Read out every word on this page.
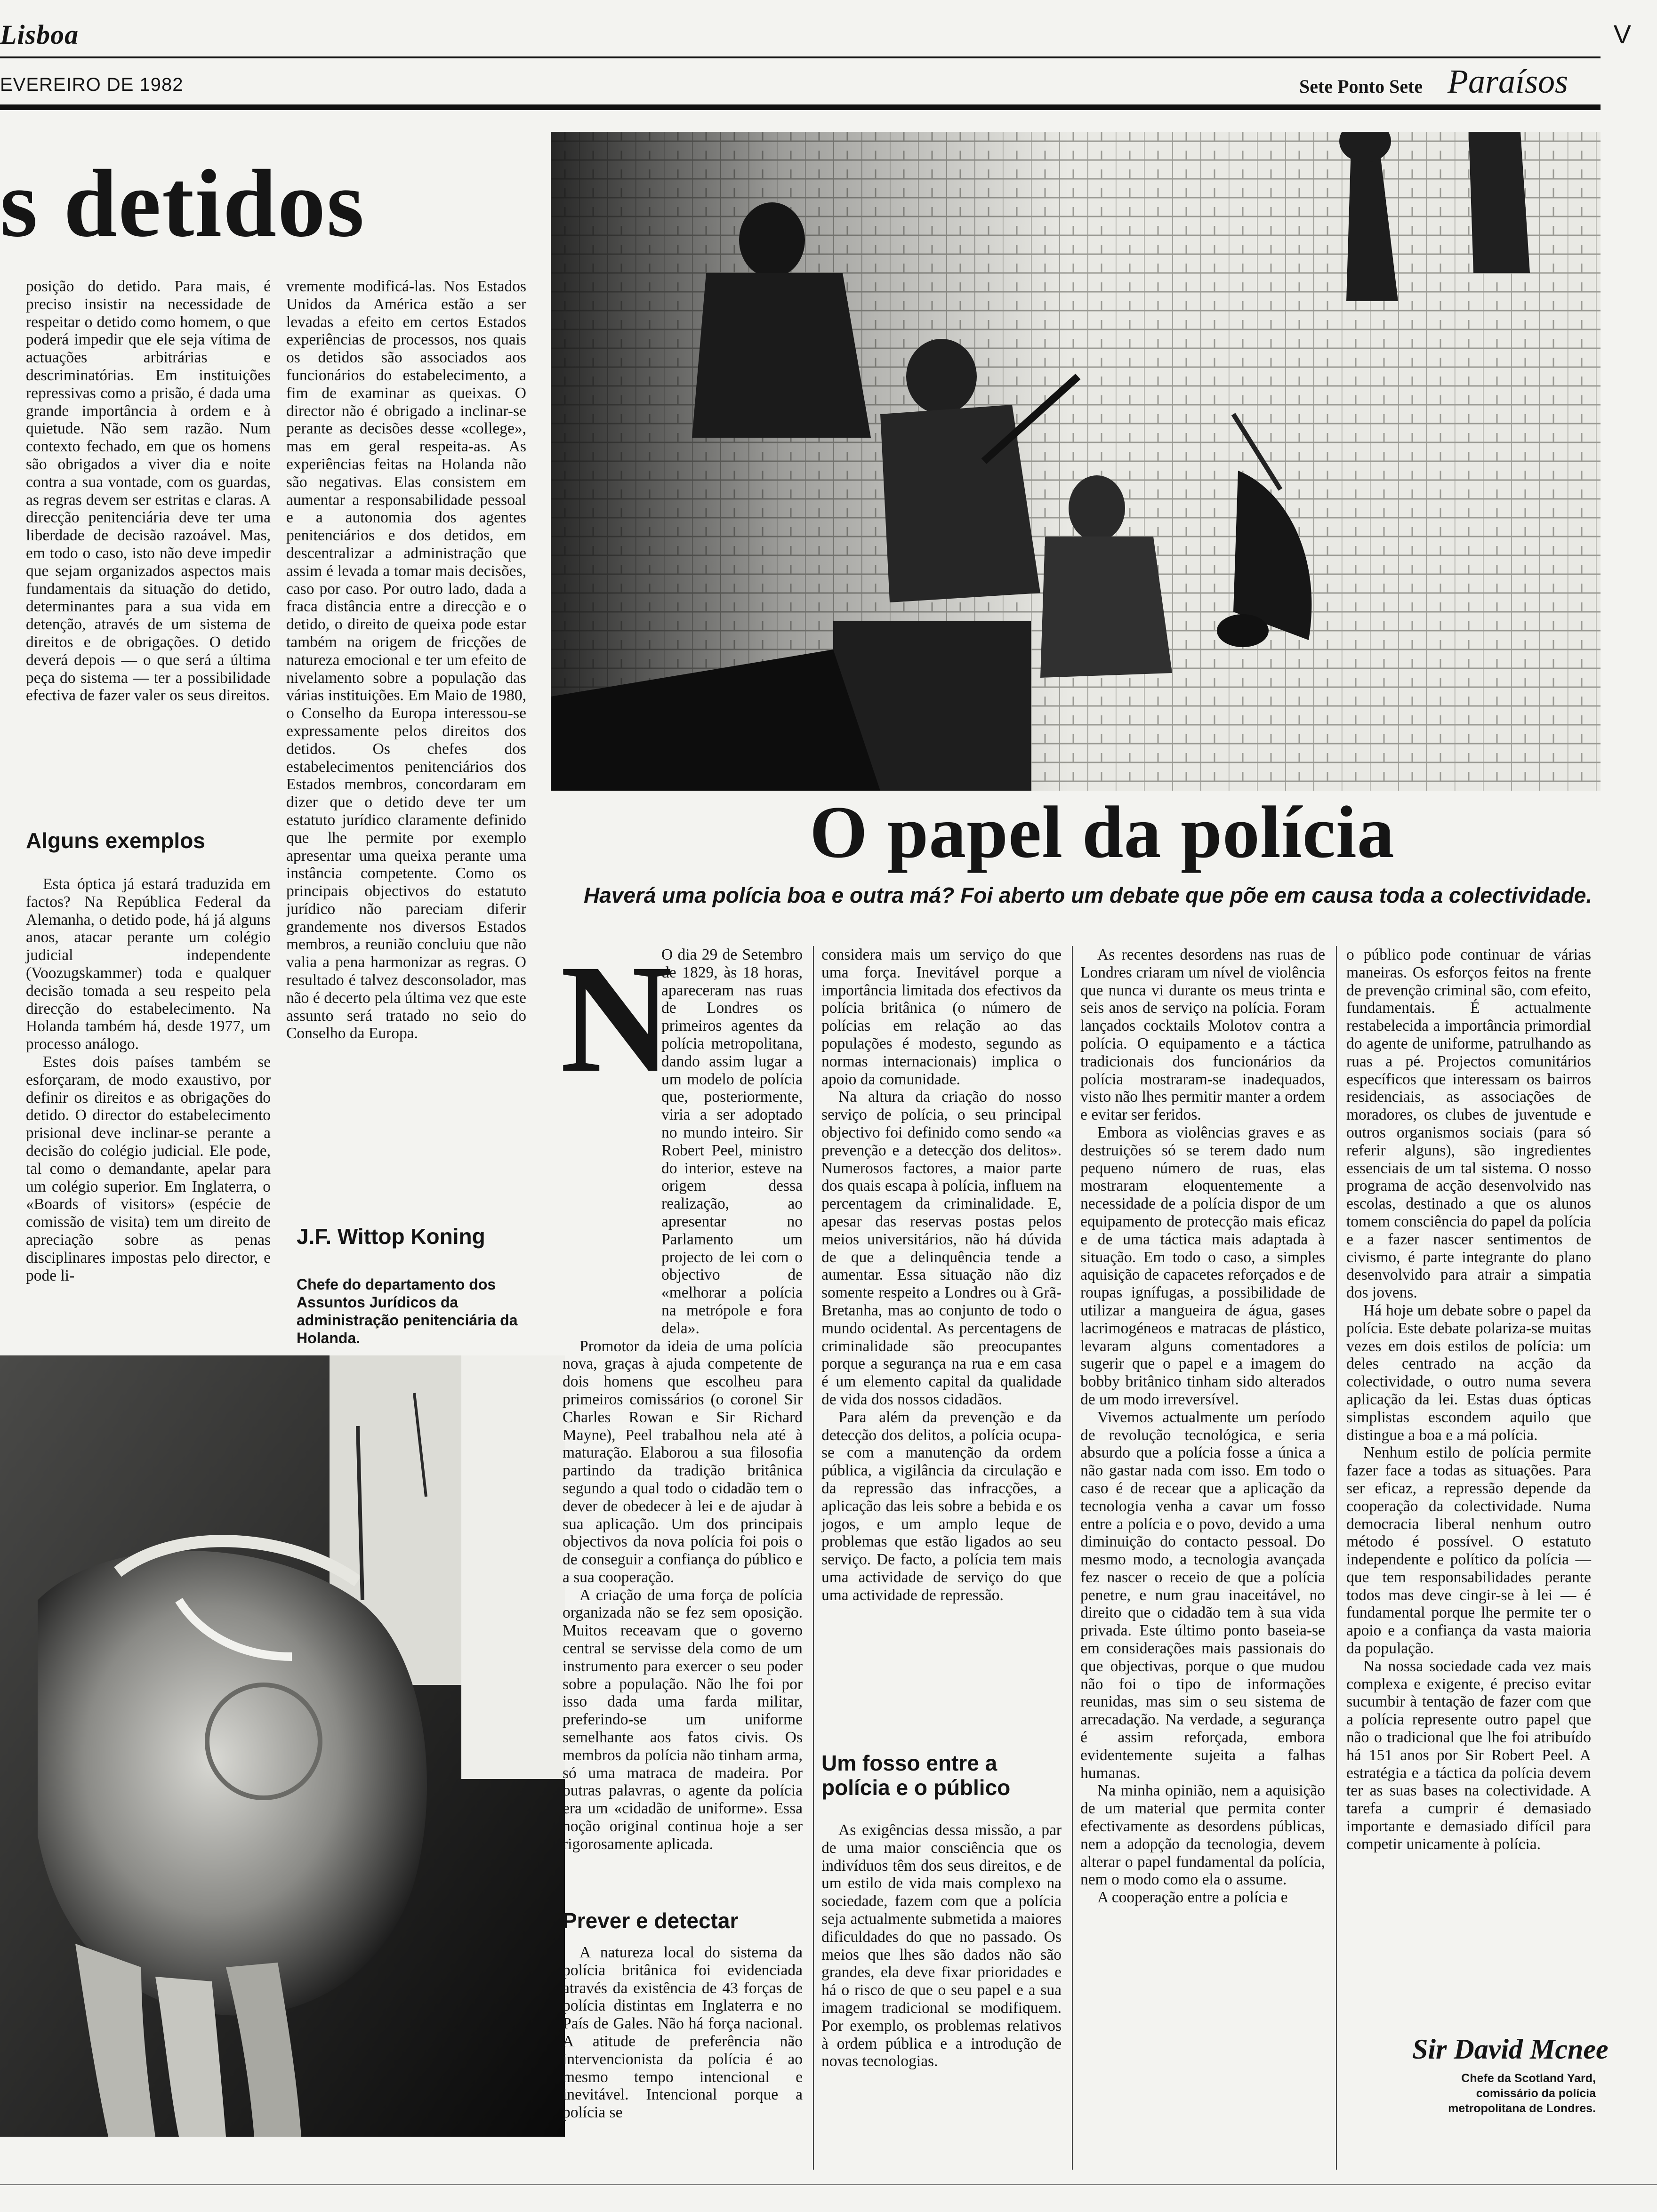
Lisboa	V
EVEREIRO DE 1982	Sete Ponto Sete Paraísos
s detidos

posição do detido. Para mais, é preciso insistir na necessidade de respeitar o detido como homem, o que poderá impedir que ele seja vítima de actuações arbitrárias e descriminatórias. Em instituições repressivas como a prisão, é dada uma grande importância à ordem e à quietude. Não sem razão. Num contexto fechado, em que os homens são obrigados a viver dia e noite contra a sua vontade, com os guardas, as regras devem ser estritas e claras. A direcção penitenciária deve ter uma liberdade de decisão razoável. Mas, em todo o caso, isto não deve impedir que sejam organizados aspectos mais fundamentais da situação do detido, determinantes para a sua vida em detenção, através de um sistema de direitos e de obrigações. O detido deverá depois — o que será a última peça do sistema — ter a possibilidade efectiva de fazer valer os seus direitos.

Alguns exemplos

Esta óptica já estará traduzida em factos? Na República Federal da Alemanha, o detido pode, há já alguns anos, atacar perante um colégio judicial independente (Voozugskammer) toda e qualquer decisão tomada a seu respeito pela direcção do estabelecimento. Na Holanda também há, desde 1977, um processo análogo.

Estes dois países também se esforçaram, de modo exaustivo, por definir os direitos e as obrigações do detido. O director do estabelecimento prisional deve inclinar-se perante a decisão do colégio judicial. Ele pode, tal como o demandante, apelar para um colégio superior. Em Inglaterra, o «Boards of visitors» (espécie de comissão de visita) tem um direito de apreciação sobre as penas disciplinares impostas pelo director, e pode li-

vremente modificá-las. Nos Estados Unidos da América estão a ser levadas a efeito em certos Estados experiências de processos, nos quais os detidos são associados aos funcionários do estabelecimento, a fim de examinar as queixas. O director não é obrigado a inclinar-se perante as decisões desse «college», mas em geral respeita-as. As experiências feitas na Holanda não são negativas. Elas consistem em aumentar a responsabilidade pessoal e a autonomia dos agentes penitenciários e dos detidos, em descentralizar a administração que assim é levada a tomar mais decisões, caso por caso. Por outro lado, dada a fraca distância entre a direcção e o detido, o direito de queixa pode estar também na origem de fricções de natureza emocional e ter um efeito de nivelamento sobre a população das várias instituições. Em Maio de 1980, o Conselho da Europa interessou-se expressamente pelos direitos dos detidos. Os chefes dos estabelecimentos penitenciários dos Estados membros, concordaram em dizer que o detido deve ter um estatuto jurídico claramente definido que lhe permite por exemplo apresentar uma queixa perante uma instância competente. Como os principais objectivos do estatuto jurídico não pareciam diferir grandemente nos diversos Estados membros, a reunião concluiu que não valia a pena harmonizar as regras. O resultado é talvez desconsolador, mas não é decerto pela última vez que este assunto será tratado no seio do Conselho da Europa.

J.F. Wittop Koning
Chefe do departamento dos Assuntos Jurídicos da administração penitenciária da Holanda.
O papel da polícia
Haverá uma polícia boa e outra má? Foi aberto um debate que põe em causa toda a colectividade.
N

O dia 29 de Setembro de 1829, às 18 horas, apareceram nas ruas de Londres os primeiros agentes da polícia metropolitana, dando assim lugar a um modelo de polícia que, posteriormente, viria a ser adoptado no mundo inteiro. Sir Robert Peel, ministro do interior, esteve na origem dessa realização, ao apresentar no Parlamento um projecto de lei com o objectivo de «melhorar a polícia na metrópole e fora dela».

Promotor da ideia de uma polícia nova, graças à ajuda competente de dois homens que escolheu para primeiros comissários (o coronel Sir Charles Rowan e Sir Richard Mayne), Peel trabalhou nela até à maturação. Elaborou a sua filosofia partindo da tradição britânica segundo a qual todo o cidadão tem o dever de obedecer à lei e de ajudar à sua aplicação. Um dos principais objectivos da nova polícia foi pois o de conseguir a confiança do público e a sua cooperação.

A criação de uma força de polícia organizada não se fez sem oposição. Muitos receavam que o governo central se servisse dela como de um instrumento para exercer o seu poder sobre a população. Não lhe foi por isso dada uma farda militar, preferindo-se um uniforme semelhante aos fatos civis. Os membros da polícia não tinham arma, só uma matraca de madeira. Por outras palavras, o agente da polícia era um «cidadão de uniforme». Essa noção original continua hoje a ser rigorosamente aplicada.

Prever e detectar

A natureza local do sistema da polícia britânica foi evidenciada através da existência de 43 forças de polícia distintas em Inglaterra e no País de Gales. Não há força nacional. A atitude de preferência não intervencionista da polícia é ao mesmo tempo intencional e inevitável. Intencional porque a polícia se

considera mais um serviço do que uma força. Inevitável porque a importância limitada dos efectivos da polícia britânica (o número de polícias em relação ao das populações é modesto, segundo as normas internacionais) implica o apoio da comunidade.

Na altura da criação do nosso serviço de polícia, o seu principal objectivo foi definido como sendo «a prevenção e a detecção dos delitos». Numerosos factores, a maior parte dos quais escapa à polícia, influem na percentagem da criminalidade. E, apesar das reservas postas pelos meios universitários, não há dúvida de que a delinquência tende a aumentar. Essa situação não diz somente respeito a Londres ou à Grã-Bretanha, mas ao conjunto de todo o mundo ocidental. As percentagens de criminalidade são preocupantes porque a segurança na rua e em casa é um elemento capital da qualidade de vida dos nossos cidadãos.

Para além da prevenção e da detecção dos delitos, a polícia ocupa-se com a manutenção da ordem pública, a vigilância da circulação e da repressão das infracções, a aplicação das leis sobre a bebida e os jogos, e um amplo leque de problemas que estão ligados ao seu serviço. De facto, a polícia tem mais uma actividade de serviço do que uma actividade de repressão.

Um fosso entre a polícia e o público

As exigências dessa missão, a par de uma maior consciência que os indivíduos têm dos seus direitos, e de um estilo de vida mais complexo na sociedade, fazem com que a polícia seja actualmente submetida a maiores dificuldades do que no passado. Os meios que lhes são dados não são grandes, ela deve fixar prioridades e há o risco de que o seu papel e a sua imagem tradicional se modifiquem. Por exemplo, os problemas relativos à ordem pública e a introdução de novas tecnologias.

As recentes desordens nas ruas de Londres criaram um nível de violência que nunca vi durante os meus trinta e seis anos de serviço na polícia. Foram lançados cocktails Molotov contra a polícia. O equipamento e a táctica tradicionais dos funcionários da polícia mostraram-se inadequados, visto não lhes permitir manter a ordem e evitar ser feridos.

Embora as violências graves e as destruições só se terem dado num pequeno número de ruas, elas mostraram eloquentemente a necessidade de a polícia dispor de um equipamento de protecção mais eficaz e de uma táctica mais adaptada à situação. Em todo o caso, a simples aquisição de capacetes reforçados e de roupas ignífugas, a possibilidade de utilizar a mangueira de água, gases lacrimogéneos e matracas de plástico, levaram alguns comentadores a sugerir que o papel e a imagem do bobby britânico tinham sido alterados de um modo irreversível.

Vivemos actualmente um período de revolução tecnológica, e seria absurdo que a polícia fosse a única a não gastar nada com isso. Em todo o caso é de recear que a aplicação da tecnologia venha a cavar um fosso entre a polícia e o povo, devido a uma diminuição do contacto pessoal. Do mesmo modo, a tecnologia avançada fez nascer o receio de que a polícia penetre, e num grau inaceitável, no direito que o cidadão tem à sua vida privada. Este último ponto baseia-se em considerações mais passionais do que objectivas, porque o que mudou não foi o tipo de informações reunidas, mas sim o seu sistema de arrecadação. Na verdade, a segurança é assim reforçada, embora evidentemente sujeita a falhas humanas.

Na minha opinião, nem a aquisição de um material que permita conter efectivamente as desordens públicas, nem a adopção da tecnologia, devem alterar o papel fundamental da polícia, nem o modo como ela o assume.

A cooperação entre a polícia e

o público pode continuar de várias maneiras. Os esforços feitos na frente de prevenção criminal são, com efeito, fundamentais. É actualmente restabelecida a importância primordial do agente de uniforme, patrulhando as ruas a pé. Projectos comunitários específicos que interessam os bairros residenciais, as associações de moradores, os clubes de juventude e outros organismos sociais (para só referir alguns), são ingredientes essenciais de um tal sistema. O nosso programa de acção desenvolvido nas escolas, destinado a que os alunos tomem consciência do papel da polícia e a fazer nascer sentimentos de civismo, é parte integrante do plano desenvolvido para atrair a simpatia dos jovens.

Há hoje um debate sobre o papel da polícia. Este debate polariza-se muitas vezes em dois estilos de polícia: um deles centrado na acção da colectividade, o outro numa severa aplicação da lei. Estas duas ópticas simplistas escondem aquilo que distingue a boa e a má polícia.

Nenhum estilo de polícia permite fazer face a todas as situações. Para ser eficaz, a repressão depende da cooperação da colectividade. Numa democracia liberal nenhum outro método é possível. O estatuto independente e político da polícia — que tem responsabilidades perante todos mas deve cingir-se à lei — é fundamental porque lhe permite ter o apoio e a confiança da vasta maioria da população.

Na nossa sociedade cada vez mais complexa e exigente, é preciso evitar sucumbir à tentação de fazer com que a polícia represente outro papel que não o tradicional que lhe foi atribuído há 151 anos por Sir Robert Peel. A estratégia e a táctica da polícia devem ter as suas bases na colectividade. A tarefa a cumprir é demasiado importante e demasiado difícil para competir unicamente à polícia.

Sir David Mcnee
Chefe da Scotland Yard, comissário da polícia metropolitana de Londres.
